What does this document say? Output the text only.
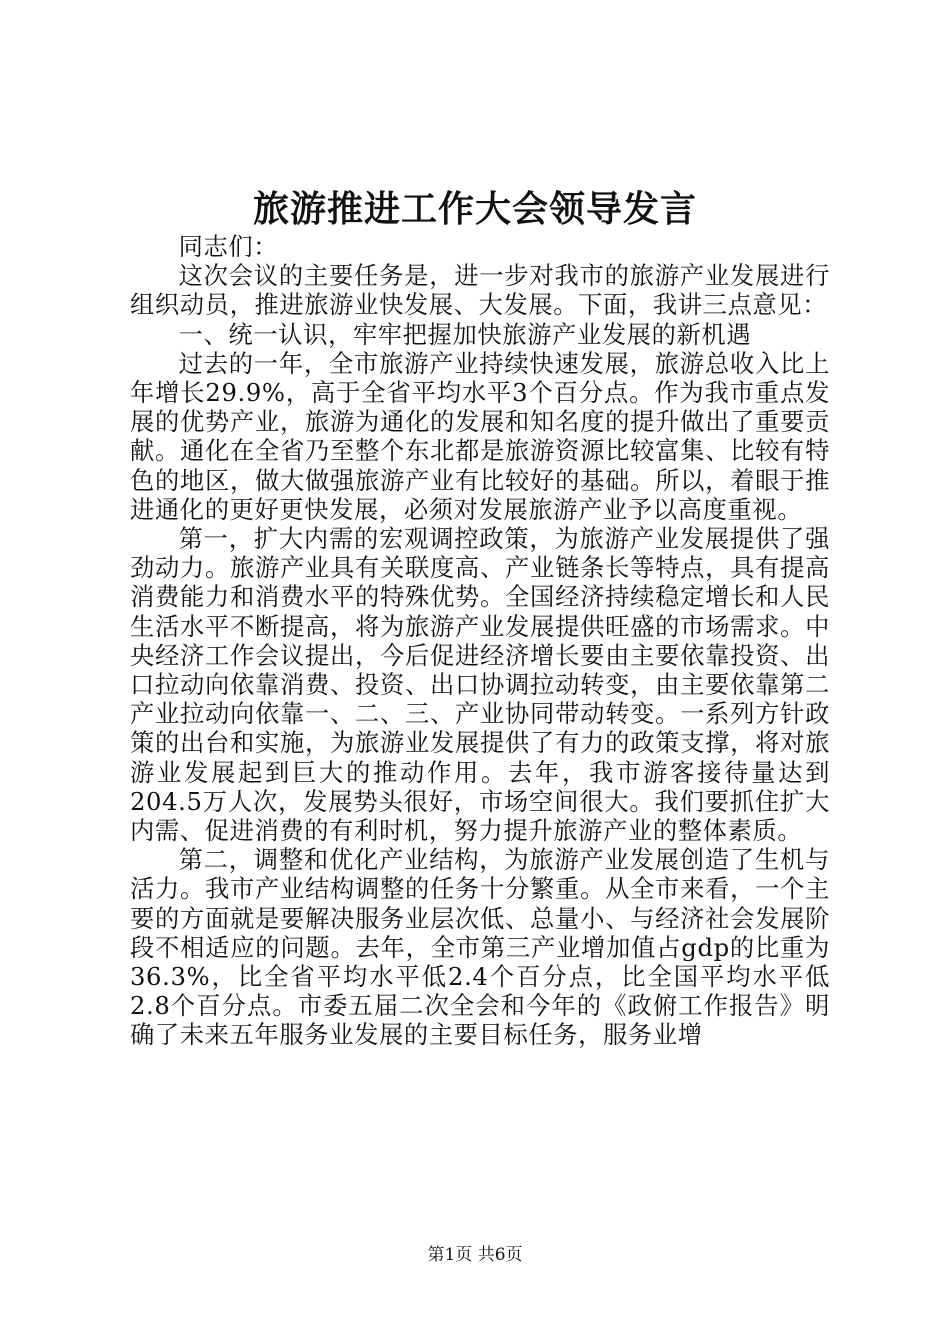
旅游推进工作大会领导发言

同志们：

这次会议的主要任务是，进一步对我市的旅游产业发展进行组织动员，推进旅游业快发展、大发展。下面，我讲三点意见：

一、统一认识，牢牢把握加快旅游产业发展的新机遇

过去的一年，全市旅游产业持续快速发展，旅游总收入比上年增长29.9%，高于全省平均水平3个百分点。作为我市重点发展的优势产业，旅游为通化的发展和知名度的提升做出了重要贡献。通化在全省乃至整个东北都是旅游资源比较富集、比较有特色的地区，做大做强旅游产业有比较好的基础。所以，着眼于推进通化的更好更快发展，必须对发展旅游产业予以高度重视。

第一，扩大内需的宏观调控政策，为旅游产业发展提供了强劲动力。旅游产业具有关联度高、产业链条长等特点，具有提高消费能力和消费水平的特殊优势。全国经济持续稳定增长和人民生活水平不断提高，将为旅游产业发展提供旺盛的市场需求。中央经济工作会议提出，今后促进经济增长要由主要依靠投资、出口拉动向依靠消费、投资、出口协调拉动转变，由主要依靠第二产业拉动向依靠一、二、三、产业协同带动转变。一系列方针政策的出台和实施，为旅游业发展提供了有力的政策支撑，将对旅游业发展起到巨大的推动作用。去年，我市游客接待量达到204.5万人次，发展势头很好，市场空间很大。我们要抓住扩大内需、促进消费的有利时机，努力提升旅游产业的整体素质。

第二，调整和优化产业结构，为旅游产业发展创造了生机与活力。我市产业结构调整的任务十分繁重。从全市来看，一个主要的方面就是要解决服务业层次低、总量小、与经济社会发展阶段不相适应的问题。去年，全市第三产业增加值占gdp的比重为36.3%，比全省平均水平低2.4个百分点，比全国平均水平低2.8个百分点。市委五届二次全会和今年的《政俯工作报告》明确了未来五年服务业发展的主要目标任务，服务业增

第1页 共6页
